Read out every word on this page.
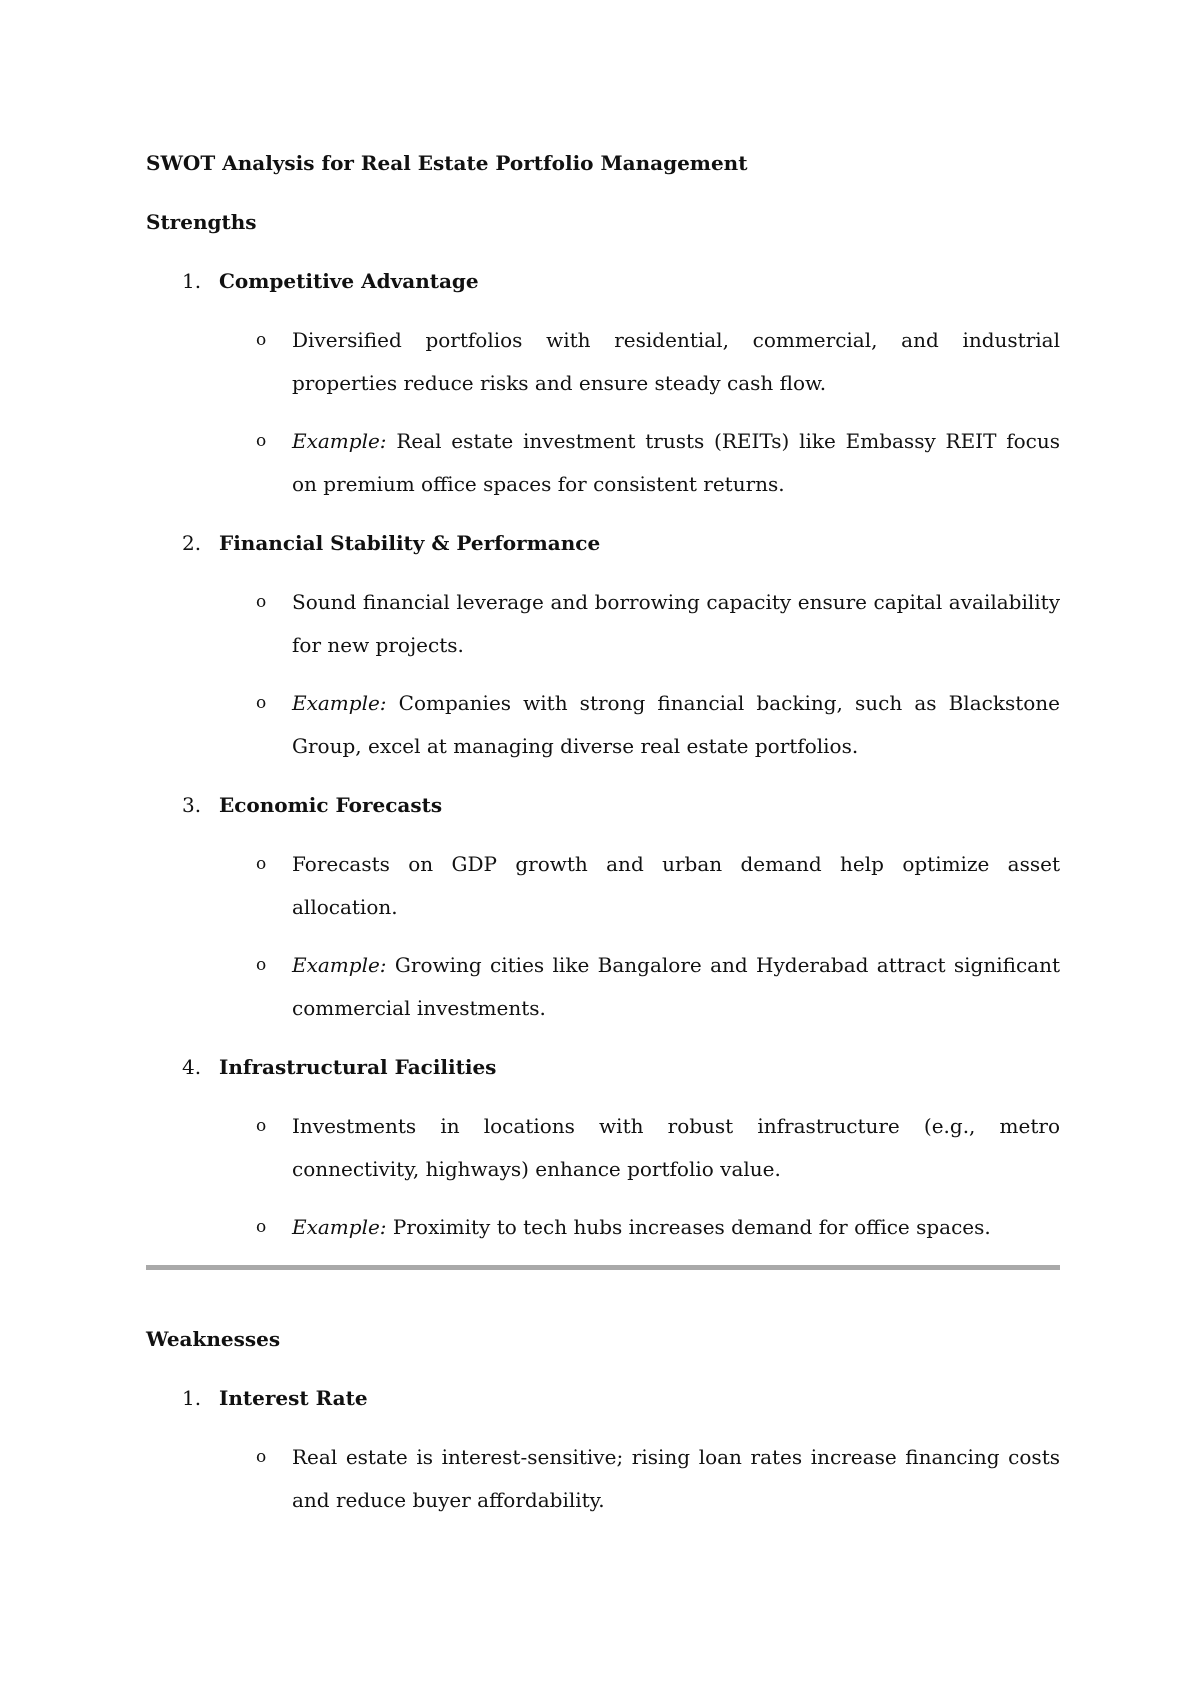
SWOT Analysis for Real Estate Portfolio Management
Strengths
1. Competitive Advantage
o Diversified portfolios with residential, commercial, and industrial properties reduce risks and ensure steady cash flow.
o Example: Real estate investment trusts (REITs) like Embassy REIT focus on premium office spaces for consistent returns.
2. Financial Stability & Performance
o Sound financial leverage and borrowing capacity ensure capital availability for new projects.
o Example: Companies with strong financial backing, such as Blackstone Group, excel at managing diverse real estate portfolios.
3. Economic Forecasts
o Forecasts on GDP growth and urban demand help optimize asset allocation.
o Example: Growing cities like Bangalore and Hyderabad attract significant commercial investments.
4. Infrastructural Facilities
o Investments in locations with robust infrastructure (e.g., metro connectivity, highways) enhance portfolio value.
o Example: Proximity to tech hubs increases demand for office spaces.
Weaknesses
1. Interest Rate
o Real estate is interest-sensitive; rising loan rates increase financing costs and reduce buyer affordability.
